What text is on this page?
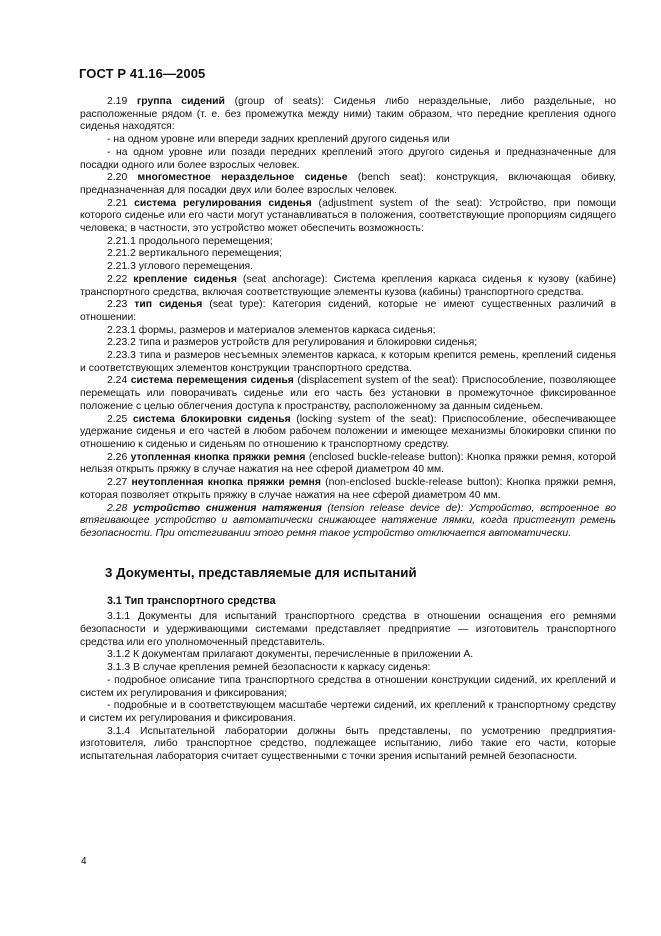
ГОСТ Р 41.16—2005

2.19 группа сидений (group of seats): Сиденья либо нераздельные, либо раздельные, но расположенные рядом (т. е. без промежутка между ними) таким образом, что передние крепления одного сиденья находятся:

- на одном уровне или впереди задних креплений другого сиденья или

- на одном уровне или позади передних креплений этого другого сиденья и предназначенные для посадки одного или более взрослых человек.

2.20 многоместное нераздельное сиденье (bench seat): конструкция, включающая обивку, предназначенная для посадки двух или более взрослых человек.

2.21 система регулирования сиденья (adjustment system of the seat): Устройство, при помощи которого сиденье или его части могут устанавливаться в положения, соответствующие пропорциям сидящего человека; в частности, это устройство может обеспечить возможность:

2.21.1 продольного перемещения;

2.21.2 вертикального перемещения;

2.21.3 углового перемещения.

2.22 крепление сиденья (seat anchorage): Система крепления каркаса сиденья к кузову (кабине) транспортного средства, включая соответствующие элементы кузова (кабины) транспортного средства.

2.23 тип сиденья (seat type): Категория сидений, которые не имеют существенных различий в отношении:

2.23.1 формы, размеров и материалов элементов каркаса сиденья;

2.23.2 типа и размеров устройств для регулирования и блокировки сиденья;

2.23.3 типа и размеров несъемных элементов каркаса, к которым крепится ремень, креплений сиденья и соответствующих элементов конструкции транспортного средства.

2.24 система перемещения сиденья (displacement system of the seat): Приспособление, позволяющее перемещать или поворачивать сиденье или его часть без установки в промежуточное фиксированное положение с целью облегчения доступа к пространству, расположенному за данным сиденьем.

2.25 система блокировки сиденья (locking system of the seat): Приспособление, обеспечивающее удержание сиденья и его частей в любом рабочем положении и имеющее механизмы блокировки спинки по отношению к сиденью и сиденьям по отношению к транспортному средству.

2.26 утопленная кнопка пряжки ремня (enclosed buckle-release button): Кнопка пряжки ремня, которой нельзя открыть пряжку в случае нажатия на нее сферой диаметром 40 мм.

2.27 неутопленная кнопка пряжки ремня (non-enclosed buckle-release button): Кнопка пряжки ремня, которая позволяет открыть пряжку в случае нажатия на нее сферой диаметром 40 мм.

2.28 устройство снижения натяжения (tension release device de): Устройство, встроенное во втягивающее устройство и автоматически снижающее натяжение лямки, когда пристегнут ремень безопасности. При отстегивании этого ремня такое устройство отключается автоматически.

3 Документы, представляемые для испытаний

3.1 Тип транспортного средства

3.1.1 Документы для испытаний транспортного средства в отношении оснащения его ремнями безопасности и удерживающими системами представляет предприятие — изготовитель транспортного средства или его уполномоченный представитель.

3.1.2 К документам прилагают документы, перечисленные в приложении А.

3.1.3 В случае крепления ремней безопасности к каркасу сиденья:

- подробное описание типа транспортного средства в отношении конструкции сидений, их креплений и систем их регулирования и фиксирования;

- подробные и в соответствующем масштабе чертежи сидений, их креплений к транспортному средству и систем их регулирования и фиксирования.

3.1.4 Испытательной лаборатории должны быть представлены, по усмотрению предприятия-изготовителя, либо транспортное средство, подлежащее испытанию, либо такие его части, которые испытательная лаборатория считает существенными с точки зрения испытаний ремней безопасности.

4
